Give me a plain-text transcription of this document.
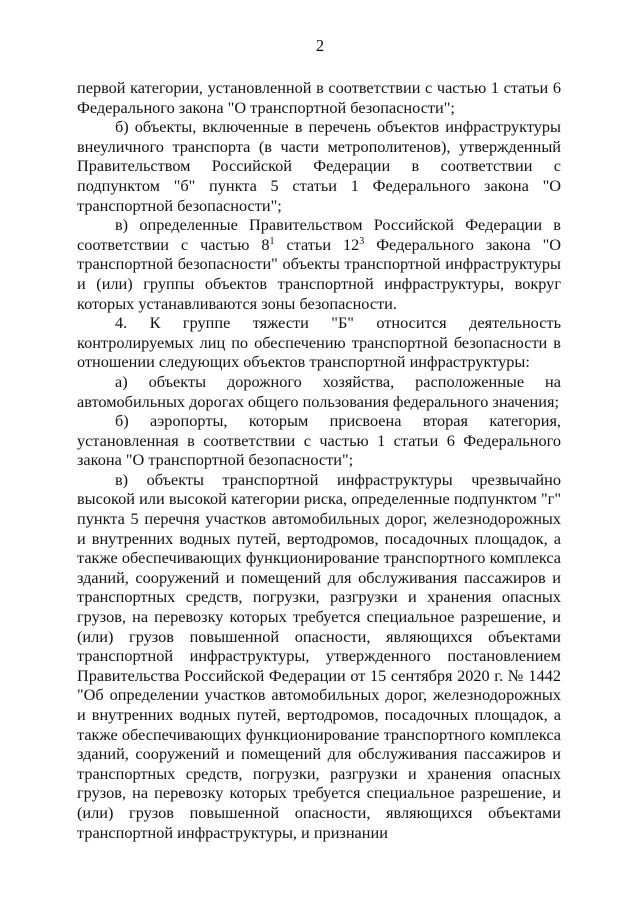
2

первой категории, установленной в соответствии с частью 1 статьи 6 Федерального закона "О транспортной безопасности";

б) объекты, включенные в перечень объектов инфраструктуры внеуличного транспорта (в части метрополитенов), утвержденный Правительством Российской Федерации в соответствии с подпунктом "б" пункта 5 статьи 1 Федерального закона "О транспортной безопасности";

в) определенные Правительством Российской Федерации в соответствии с частью $8^1$ статьи $12^3$ Федерального закона "О транспортной безопасности" объекты транспортной инфраструктуры и (или) группы объектов транспортной инфраструктуры, вокруг которых устанавливаются зоны безопасности.

4. К группе тяжести "Б" относится деятельность контролируемых лиц по обеспечению транспортной безопасности в отношении следующих объектов транспортной инфраструктуры:

а) объекты дорожного хозяйства, расположенные на автомобильных дорогах общего пользования федерального значения;

б) аэропорты, которым присвоена вторая категория, установленная в соответствии с частью 1 статьи 6 Федерального закона "О транспортной безопасности";

в) объекты транспортной инфраструктуры чрезвычайно высокой или высокой категории риска, определенные подпунктом "г" пункта 5 перечня участков автомобильных дорог, железнодорожных и внутренних водных путей, вертодромов, посадочных площадок, а также обеспечивающих функционирование транспортного комплекса зданий, сооружений и помещений для обслуживания пассажиров и транспортных средств, погрузки, разгрузки и хранения опасных грузов, на перевозку которых требуется специальное разрешение, и (или) грузов повышенной опасности, являющихся объектами транспортной инфраструктуры, утвержденного постановлением Правительства Российской Федерации от 15 сентября 2020 г. № 1442 "Об определении участков автомобильных дорог, железнодорожных и внутренних водных путей, вертодромов, посадочных площадок, а также обеспечивающих функционирование транспортного комплекса зданий, сооружений и помещений для обслуживания пассажиров и транспортных средств, погрузки, разгрузки и хранения опасных грузов, на перевозку которых требуется специальное разрешение, и (или) грузов повышенной опасности, являющихся объектами транспортной инфраструктуры, и признании
